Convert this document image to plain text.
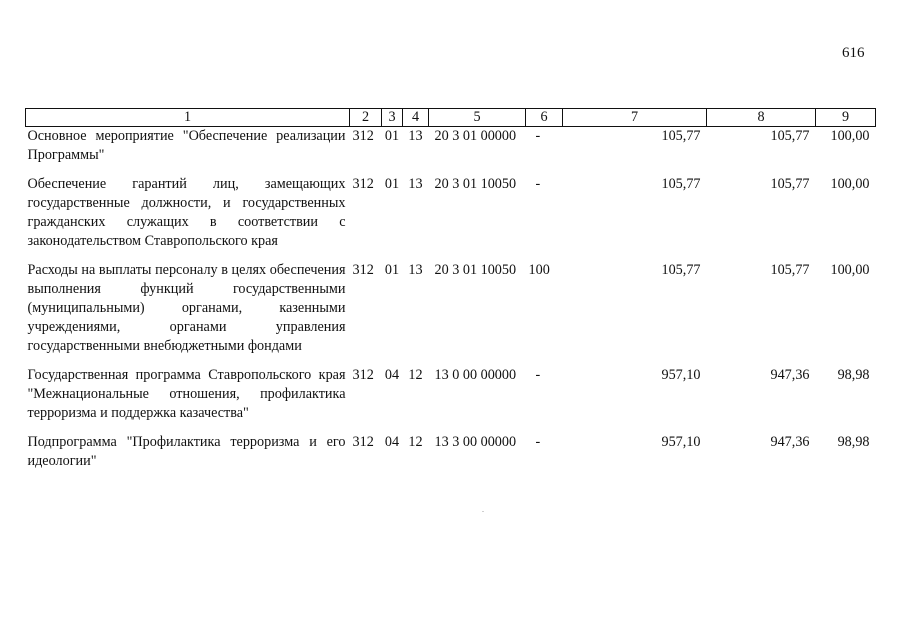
616
1	2	3	4	5	6	7	8	9
Основное мероприятие "Обеспечение реализации Программы"	312	01	13	20 3 01 00000	-	105,77	105,77	100,00
Обеспечение гарантий лиц, замещающих государственные должности, и государственных гражданских служащих в соответствии с законодательством Ставропольского края	312	01	13	20 3 01 10050	-	105,77	105,77	100,00
Расходы на выплаты персоналу в целях обеспечения выполнения функций государственными (муниципальными) органами, казенными учреждениями, органами управления государственными внебюджетными фондами	312	01	13	20 3 01 10050	100	105,77	105,77	100,00
Государственная программа Ставропольского края "Межнациональные отношения, профилактика терроризма и поддержка казачества"	312	04	12	13 0 00 00000	-	957,10	947,36	98,98
Подпрограмма "Профилактика терроризма и его идеологии"	312	04	12	13 3 00 00000	-	957,10	947,36	98,98
